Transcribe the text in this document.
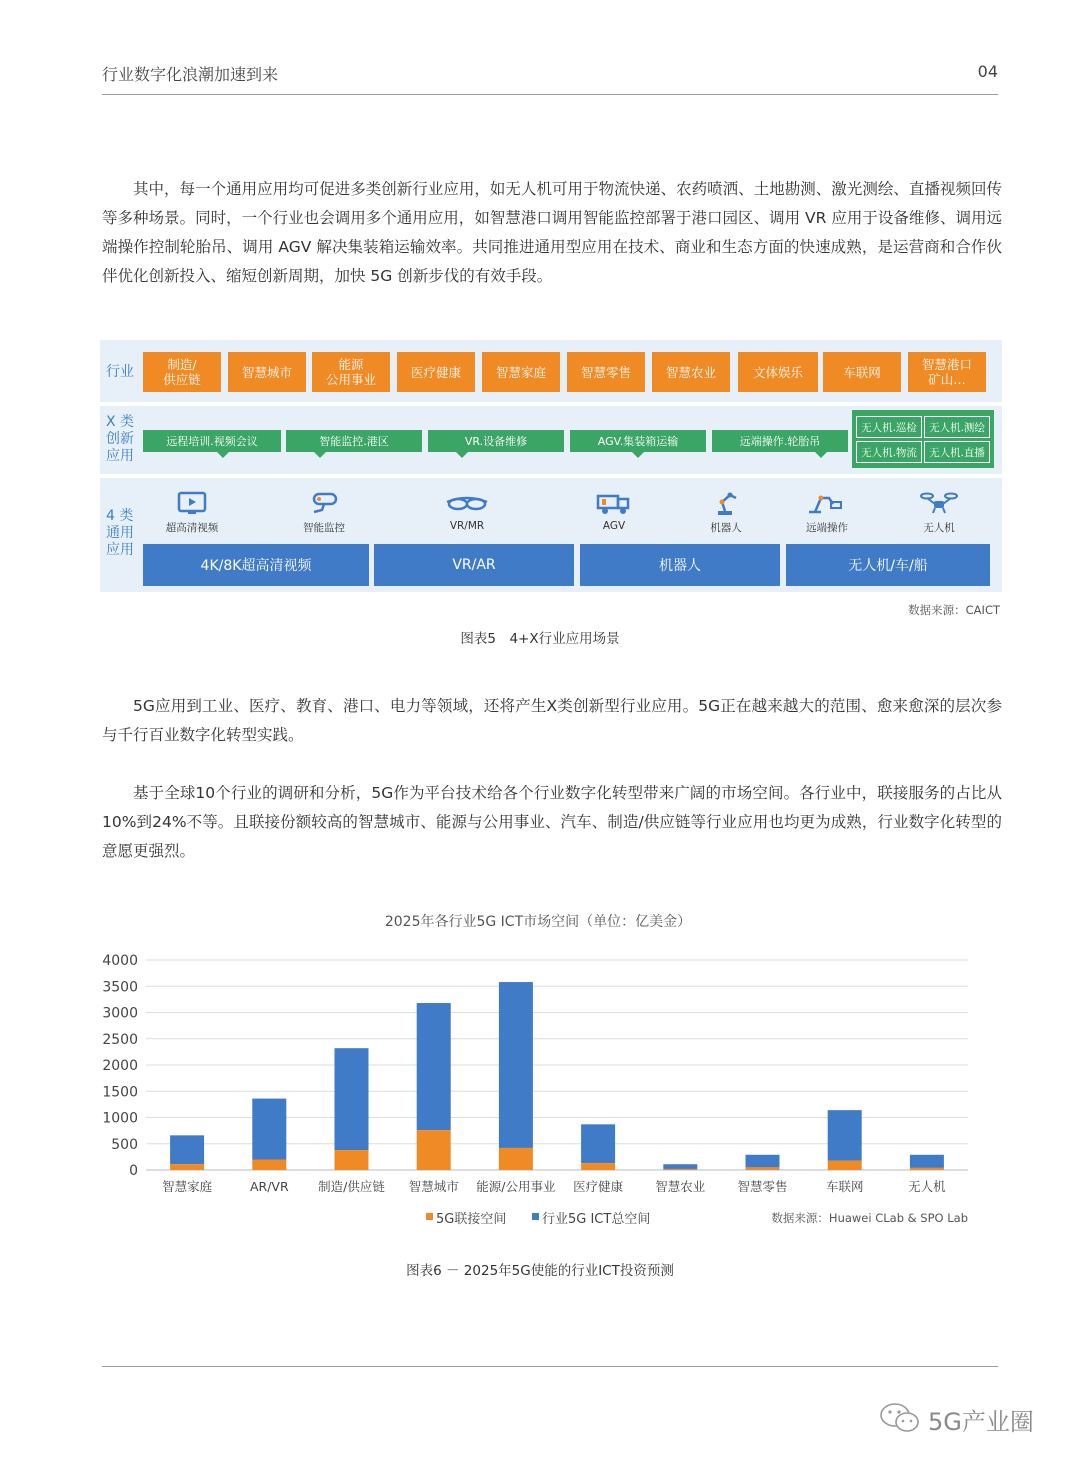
行业数字化浪潮加速到来	04

其中，每一个通用应用均可促进多类创新行业应用，如无人机可用于物流快递、农药喷洒、土地勘测、激光测绘、直播视频回传等多种场景。同时，一个行业也会调用多个通用应用，如智慧港口调用智能监控部署于港口园区、调用 VR 应用于设备维修、调用远端操作控制轮胎吊、调用 AGV 解决集装箱运输效率。共同推进通用型应用在技术、商业和生态方面的快速成熟，是运营商和合作伙伴优化创新投入、缩短创新周期，加快 5G 创新步伐的有效手段。

行业
X 类
创新
应用
4 类
通用
应用
制造/
供应链	智慧城市	能源
公用事业	医疗健康	智慧家庭	智慧零售	智慧农业	文体娱乐	车联网	智慧港口
矿山…
远程培训.视频会议	智能监控.港区	VR.设备维修	AGV.集装箱运输	远端操作.轮胎吊
无人机.巡检	无人机.测绘
无人机.物流	无人机.直播
超高清视频	智能监控	VR/MR	AGV	机器人	远端操作	无人机
4K/8K超高清视频	VR/AR	机器人	无人机/车/船
数据来源：CAICT
图表5　4+X行业应用场景

5G应用到工业、医疗、教育、港口、电力等领域，还将产生X类创新型行业应用。5G正在越来越大的范围、愈来愈深的层次参与千行百业数字化转型实践。

基于全球10个行业的调研和分析，5G作为平台技术给各个行业数字化转型带来广阔的市场空间。各行业中，联接服务的占比从10%到24%不等。且联接份额较高的智慧城市、能源与公用事业、汽车、制造/供应链等行业应用也均更为成熟，行业数字化转型的意愿更强烈。

2025年各行业5G ICT市场空间（单位：亿美金）
0
500
1000
1500
2000
2500
3000
3500
4000
智慧家庭	AR/VR 制造/供应链 智慧城市 能源/公用事业 医疗健康	智慧农业	智慧零售	车联网	无人机
5G联接空间	行业5G ICT总空间	数据来源：Huawei CLab & SPO Lab
图表6 － 2025年5G使能的行业ICT投资预测
5G产业圈
